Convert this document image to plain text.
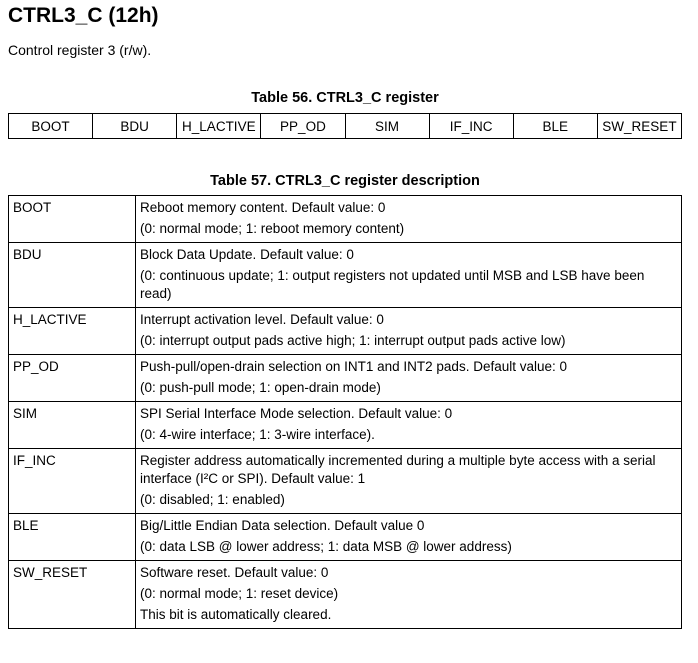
CTRL3_C (12h)

Control register 3 (r/w).

Table 56. CTRL3_C register

BOOT	BDU	H_LACTIVE	PP_OD	SIM	IF_INC	BLE	SW_RESET

Table 57. CTRL3_C register description

BOOT	Reboot memory content. Default value: 0
(0: normal mode; 1: reboot memory content)

BDU	Block Data Update. Default value: 0
(0: continuous update; 1: output registers not updated until MSB and LSB have been read)

H_LACTIVE	Interrupt activation level. Default value: 0
(0: interrupt output pads active high; 1: interrupt output pads active low)

PP_OD	Push-pull/open-drain selection on INT1 and INT2 pads. Default value: 0
(0: push-pull mode; 1: open-drain mode)

SIM	SPI Serial Interface Mode selection. Default value: 0
(0: 4-wire interface; 1: 3-wire interface).

IF_INC	Register address automatically incremented during a multiple byte access with a serial interface (I²C or SPI). Default value: 1
(0: disabled; 1: enabled)

BLE	Big/Little Endian Data selection. Default value 0
(0: data LSB @ lower address; 1: data MSB @ lower address)

SW_RESET	Software reset. Default value: 0
(0: normal mode; 1: reset device)
This bit is automatically cleared.
